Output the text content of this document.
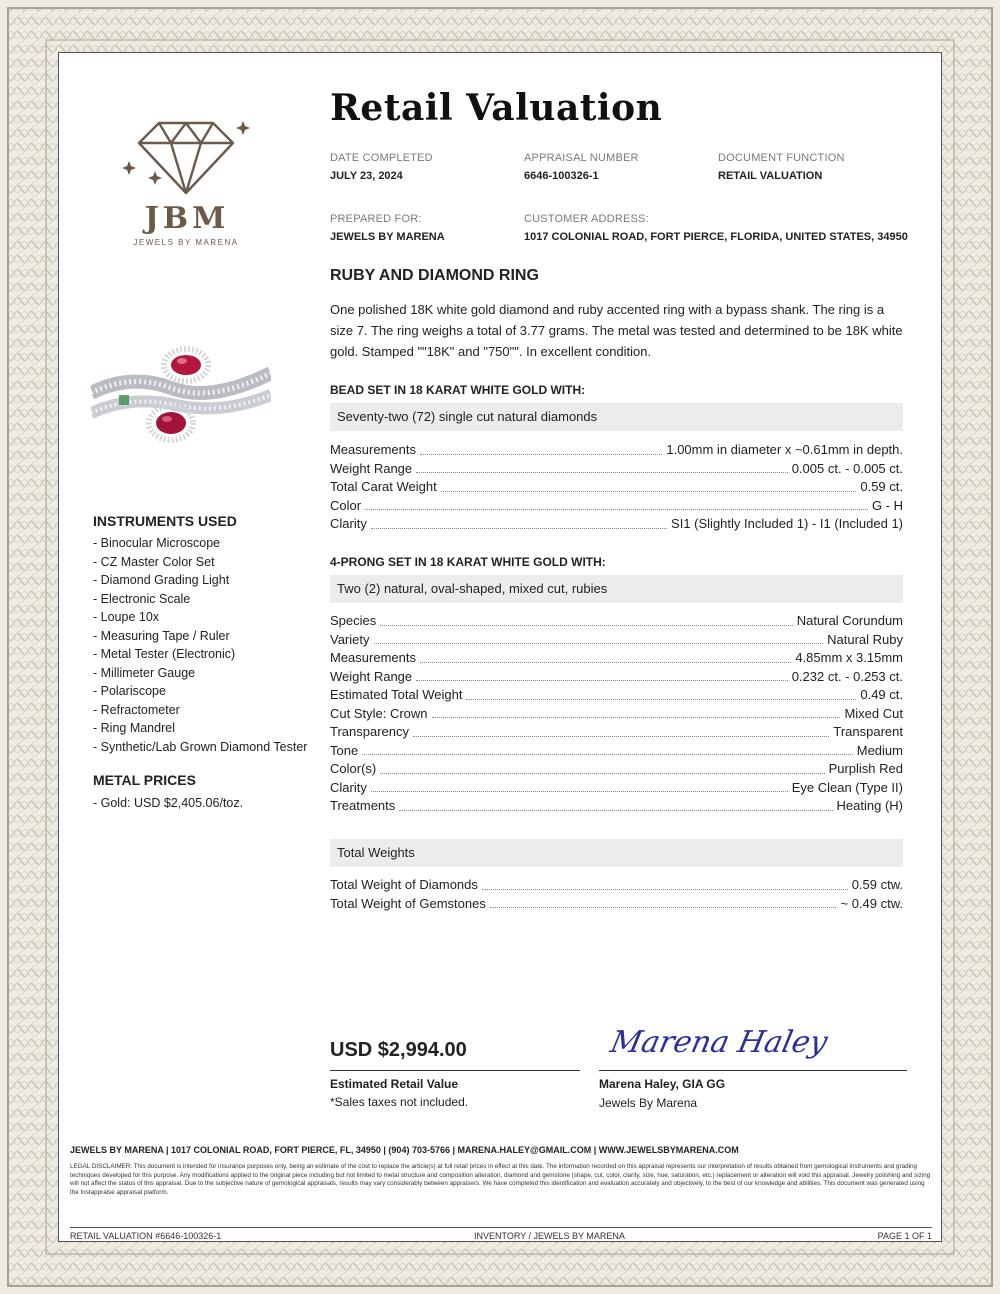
JBM
JEWELS BY MARENA
INSTRUMENTS USED
- Binocular Microscope
- CZ Master Color Set
- Diamond Grading Light
- Electronic Scale
- Loupe 10x
- Measuring Tape / Ruler
- Metal Tester (Electronic)
- Millimeter Gauge
- Polariscope
- Refractometer
- Ring Mandrel
- Synthetic/Lab Grown Diamond Tester
METAL PRICES
- Gold: USD $2,405.06/toz.
Retail Valuation
DATE COMPLETED
JULY 23, 2024
APPRAISAL NUMBER
6646-100326-1
DOCUMENT FUNCTION
RETAIL VALUATION
PREPARED FOR:
JEWELS BY MARENA
CUSTOMER ADDRESS:
1017 COLONIAL ROAD, FORT PIERCE, FLORIDA, UNITED STATES, 34950
RUBY AND DIAMOND RING
One polished 18K white gold diamond and ruby accented ring with a bypass shank. The ring is a size 7. The ring weighs a total of 3.77 grams. The metal was tested and determined to be 18K white gold. Stamped ""18K" and "750"". In excellent condition.
BEAD SET IN 18 KARAT WHITE GOLD WITH:
Seventy-two (72) single cut natural diamonds
Measurements	1.00mm in diameter x ~0.61mm in depth.
Weight Range	0.005 ct. - 0.005 ct.
Total Carat Weight	0.59 ct.
Color	G - H
Clarity	SI1 (Slightly Included 1) - I1 (Included 1)
4-PRONG SET IN 18 KARAT WHITE GOLD WITH:
Two (2) natural, oval-shaped, mixed cut, rubies
Species	Natural Corundum
Variety	Natural Ruby
Measurements	4.85mm x 3.15mm
Weight Range	0.232 ct. - 0.253 ct.
Estimated Total Weight	0.49 ct.
Cut Style: Crown	Mixed Cut
Transparency	Transparent
Tone	Medium
Color(s)	Purplish Red
Clarity	Eye Clean (Type II)
Treatments	Heating (H)
Total Weights
Total Weight of Diamonds	0.59 ctw.
Total Weight of Gemstones	~ 0.49 ctw.
USD $2,994.00
Estimated Retail Value
*Sales taxes not included.
Marena Haley
Marena Haley, GIA GG
Jewels By Marena
JEWELS BY MARENA | 1017 COLONIAL ROAD, FORT PIERCE, FL, 34950 | (904) 703-5766 | MARENA.HALEY@GMAIL.COM | WWW.JEWELSBYMARENA.COM
LEGAL DISCLAIMER: This document is intended for insurance purposes only, being an estimate of the cost to replace the article(s) at full retail prices in effect at this date. The information recorded on this appraisal represents our interpretation of results obtained from gemological instruments and grading techniques developed for this purpose. Any modifications applied to the original piece including but not limited to metal structure and composition alteration, diamond and gemstone (shape, cut, color, clarity, size, hue, saturation, etc.) replacement or alteration will void this appraisal. Jewelry polishing and sizing will not affect the status of this appraisal. Due to the subjective nature of gemological appraisals, results may vary considerably between appraisers. We have completed this identification and evaluation accurately and objectively, to the best of our knowledge and abilities. This document was generated using the Instappraise appraisal platform.
RETAIL VALUATION #6646-100326-1	INVENTORY / JEWELS BY MARENA	PAGE 1 OF 1
